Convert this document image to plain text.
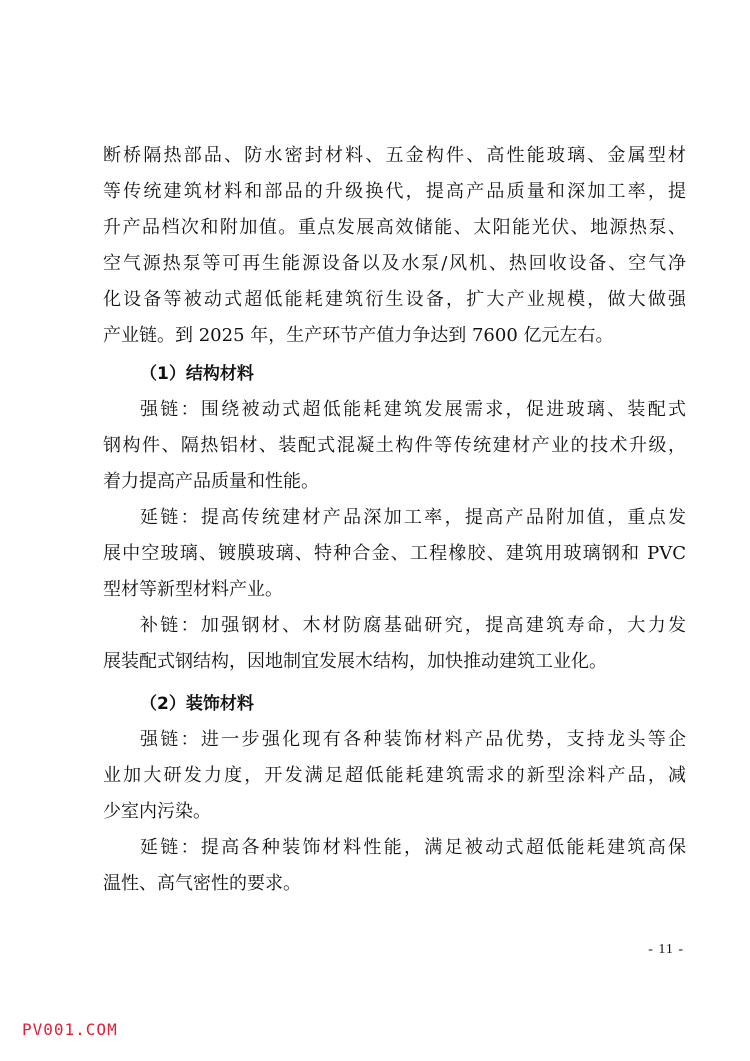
断桥隔热部品、防水密封材料、五金构件、高性能玻璃、金属型材
等传统建筑材料和部品的升级换代，提高产品质量和深加工率，提
升产品档次和附加值。重点发展高效储能、太阳能光伏、地源热泵、
空气源热泵等可再生能源设备以及水泵/风机、热回收设备、空气净
化设备等被动式超低能耗建筑衍生设备，扩大产业规模，做大做强
产业链。到 2025 年，生产环节产值力争达到 7600 亿元左右。
（1）结构材料
强链：围绕被动式超低能耗建筑发展需求，促进玻璃、装配式
钢构件、隔热铝材、装配式混凝土构件等传统建材产业的技术升级，
着力提高产品质量和性能。
延链：提高传统建材产品深加工率，提高产品附加值，重点发
展中空玻璃、镀膜玻璃、特种合金、工程橡胶、建筑用玻璃钢和 PVC
型材等新型材料产业。
补链：加强钢材、木材防腐基础研究，提高建筑寿命，大力发
展装配式钢结构，因地制宜发展木结构，加快推动建筑工业化。
（2）装饰材料
强链：进一步强化现有各种装饰材料产品优势，支持龙头等企
业加大研发力度，开发满足超低能耗建筑需求的新型涂料产品，减
少室内污染。
延链：提高各种装饰材料性能，满足被动式超低能耗建筑高保
温性、高气密性的要求。
- 11 -
PV001.COM
